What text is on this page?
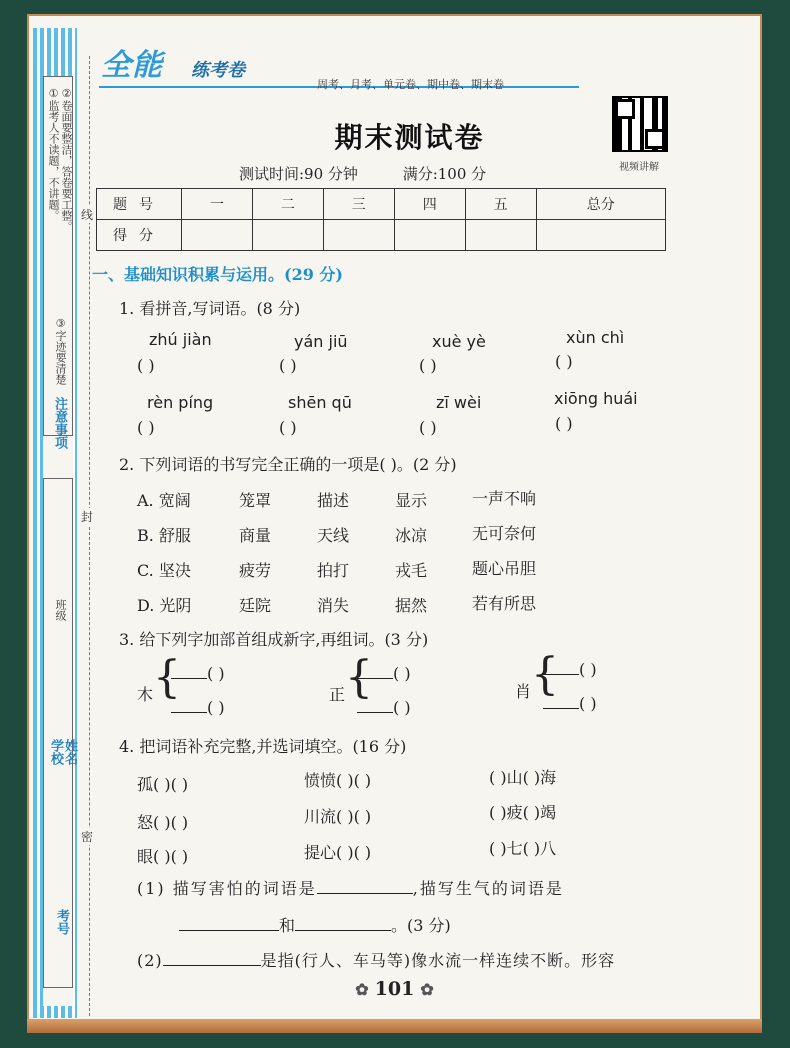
注意事项
①监考人不读题，不讲题。 ②卷面要整洁，答卷要工整。
③字迹要清楚
班级
学校 姓名
考号
线
封
密
全能 练考卷
周考、月考、单元卷、期中卷、期末卷
视频讲解
期末测试卷
测试时间:90 分钟	满分:100 分
题号	一	二	三	四	五	总分
得分						
一、基础知识积累与运用。(29 分)
1. 看拼音,写词语。(8 分)
zhú jiàn	yán jiū	xuè yè	xùn chì
( )	( )	( )	( )
rèn píng	shēn qū	zī wèi	xiōng huái
( )	( )	( )	( )
2. 下列词语的书写完全正确的一项是( )。(2 分)
A. 宽阔	笼罩	描述	显示	一声不响
B. 舒服	商量	天线	冰凉	无可奈何
C. 坚决	疲劳	拍打	戎毛	题心吊胆
D. 光阴	廷院	消失	据然	若有所思
3. 给下列字加部首组成新字,再组词。(3 分)
木 {	( )
( )
正 {	( )
( )
肖 {	( )
( )
4. 把词语补充完整,并选词填空。(16 分)
孤( )( )	愤愤( )( )	( )山( )海
怒( )( )	川流( )( )	( )疲( )竭
眼( )( )	提心( )( )	( )七( )八
(1) 描写害怕的词语是	,描写生气的词语是
和	。(3 分)
(2)	是指(行人、车马等)像水流一样连续不断。形容
✿ 101 ✿
